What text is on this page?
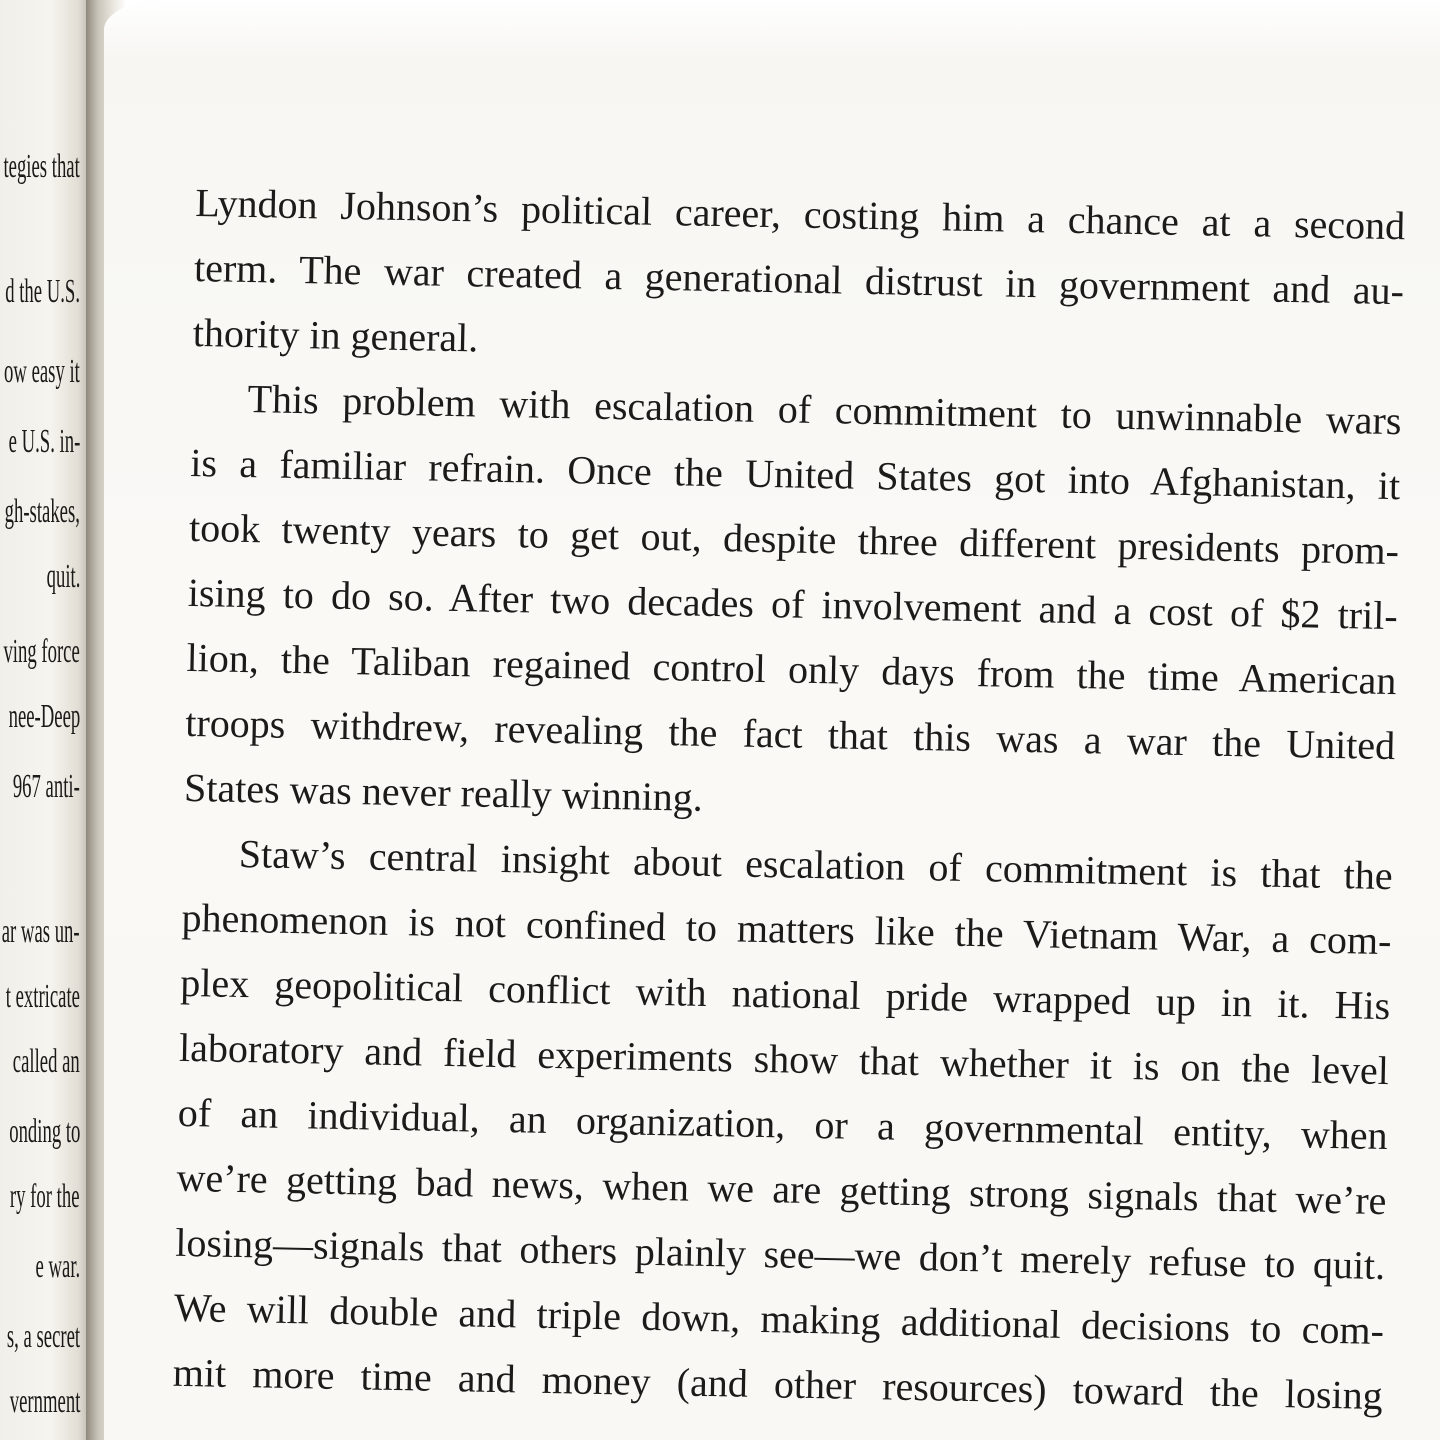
tegies that
d the U.S.
ow easy it
e U.S. in-
gh-stakes,
quit.
ving force
nee-Deep
967 anti-
ar was un-
t extricate
called an
onding to
ry for the
e war.
s, a secret
vernment
Lyndon Johnson’s political career, costing him a chance at a second
term. The war created a generational distrust in government and au-
thority in general.
This problem with escalation of commitment to unwinnable wars
is a familiar refrain. Once the United States got into Afghanistan, it
took twenty years to get out, despite three different presidents prom-
ising to do so. After two decades of involvement and a cost of $2 tril-
lion, the Taliban regained control only days from the time American
troops withdrew, revealing the fact that this was a war the United
States was never really winning.
Staw’s central insight about escalation of commitment is that the
phenomenon is not confined to matters like the Vietnam War, a com-
plex geopolitical conflict with national pride wrapped up in it. His
laboratory and field experiments show that whether it is on the level
of an individual, an organization, or a governmental entity, when
we’re getting bad news, when we are getting strong signals that we’re
losing—signals that others plainly see—we don’t merely refuse to quit.
We will double and triple down, making additional decisions to com-
mit more time and money (and other resources) toward the losing
